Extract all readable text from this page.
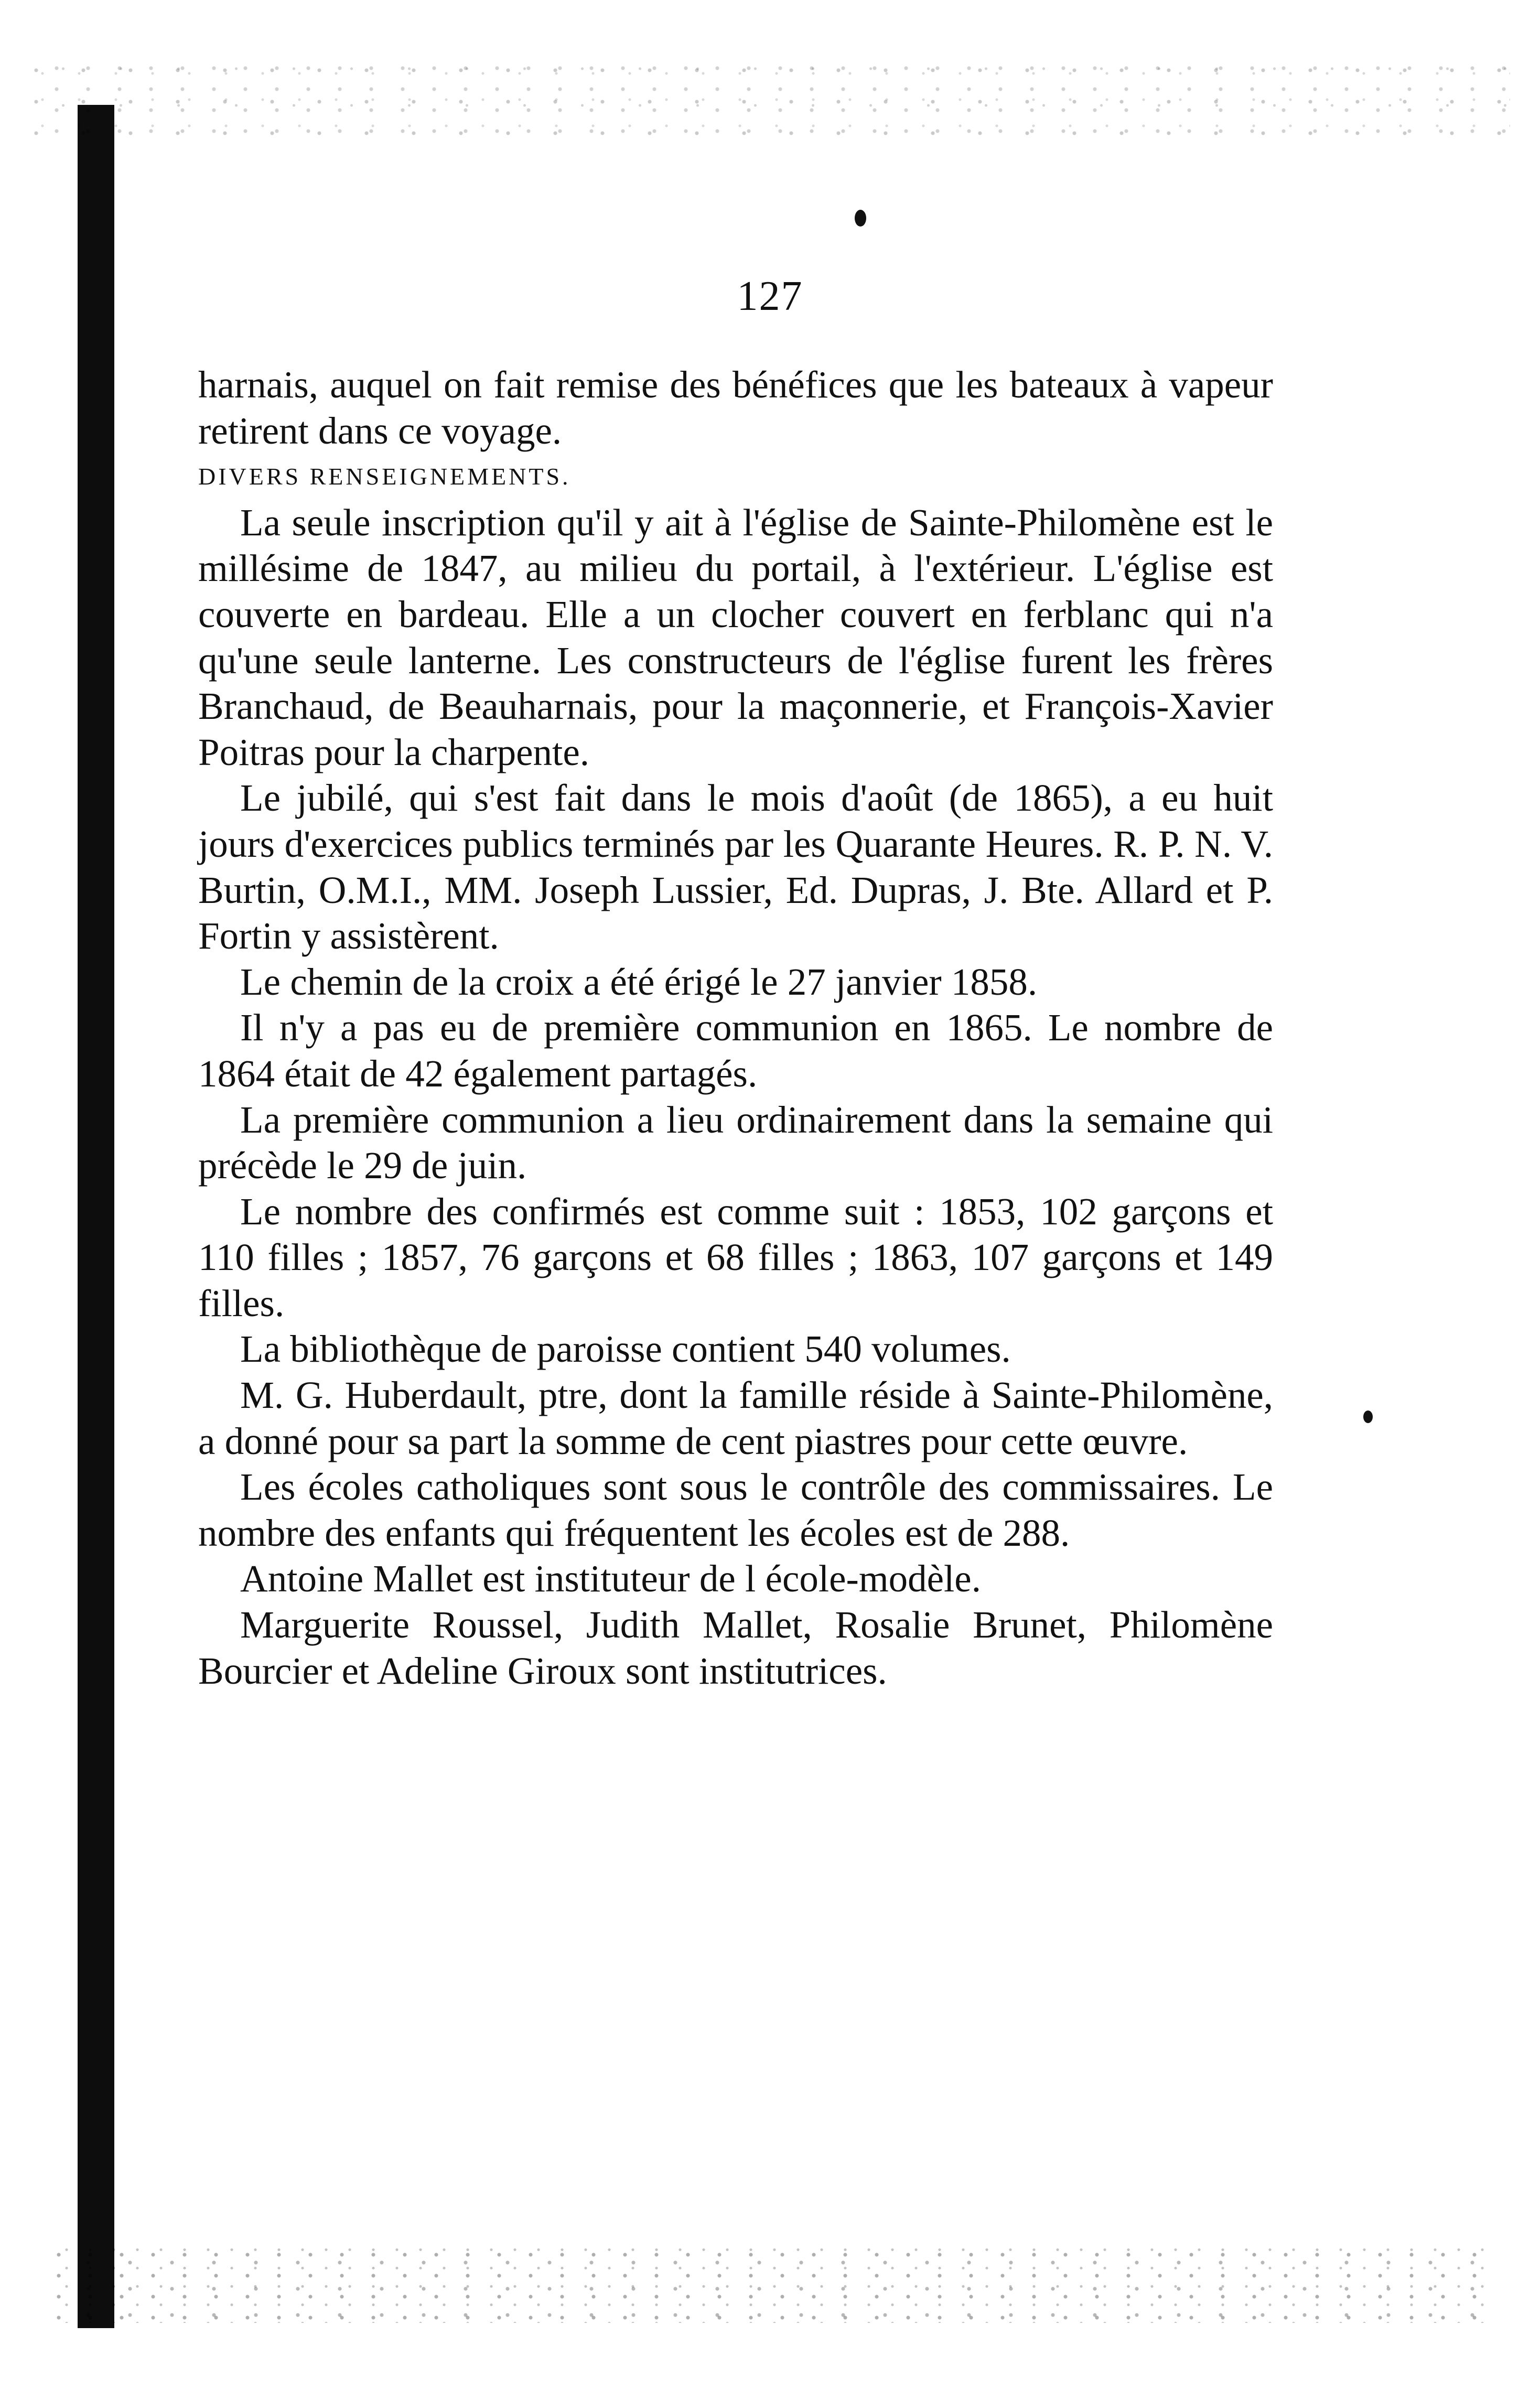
127

harnais, auquel on fait remise des bénéfices que les bateaux à vapeur retirent dans ce voyage.

DIVERS RENSEIGNEMENTS.

La seule inscription qu'il y ait à l'église de Sainte-Philomène est le millésime de 1847, au milieu du portail, à l'extérieur. L'église est couverte en bardeau. Elle a un clocher couvert en ferblanc qui n'a qu'une seule lanterne. Les constructeurs de l'église furent les frères Branchaud, de Beauharnais, pour la maçonnerie, et François-Xavier Poitras pour la charpente.

Le jubilé, qui s'est fait dans le mois d'août (de 1865), a eu huit jours d'exercices publics terminés par les Quarante Heures. R. P. N. V. Burtin, O.M.I., MM. Joseph Lussier, Ed. Dupras, J. Bte. Allard et P. Fortin y assistèrent.

Le chemin de la croix a été érigé le 27 janvier 1858.

Il n'y a pas eu de première communion en 1865. Le nombre de 1864 était de 42 également partagés.

La première communion a lieu ordinairement dans la semaine qui précède le 29 de juin.

Le nombre des confirmés est comme suit : 1853, 102 garçons et 110 filles ; 1857, 76 garçons et 68 filles ; 1863, 107 garçons et 149 filles.

La bibliothèque de paroisse contient 540 volumes.

M. G. Huberdault, ptre, dont la famille réside à Sainte-Philomène, a donné pour sa part la somme de cent piastres pour cette œuvre.

Les écoles catholiques sont sous le contrôle des commissaires. Le nombre des enfants qui fréquentent les écoles est de 288.

Antoine Mallet est instituteur de l école-modèle.

Marguerite Roussel, Judith Mallet, Rosalie Brunet, Philomène Bourcier et Adeline Giroux sont institutrices.
